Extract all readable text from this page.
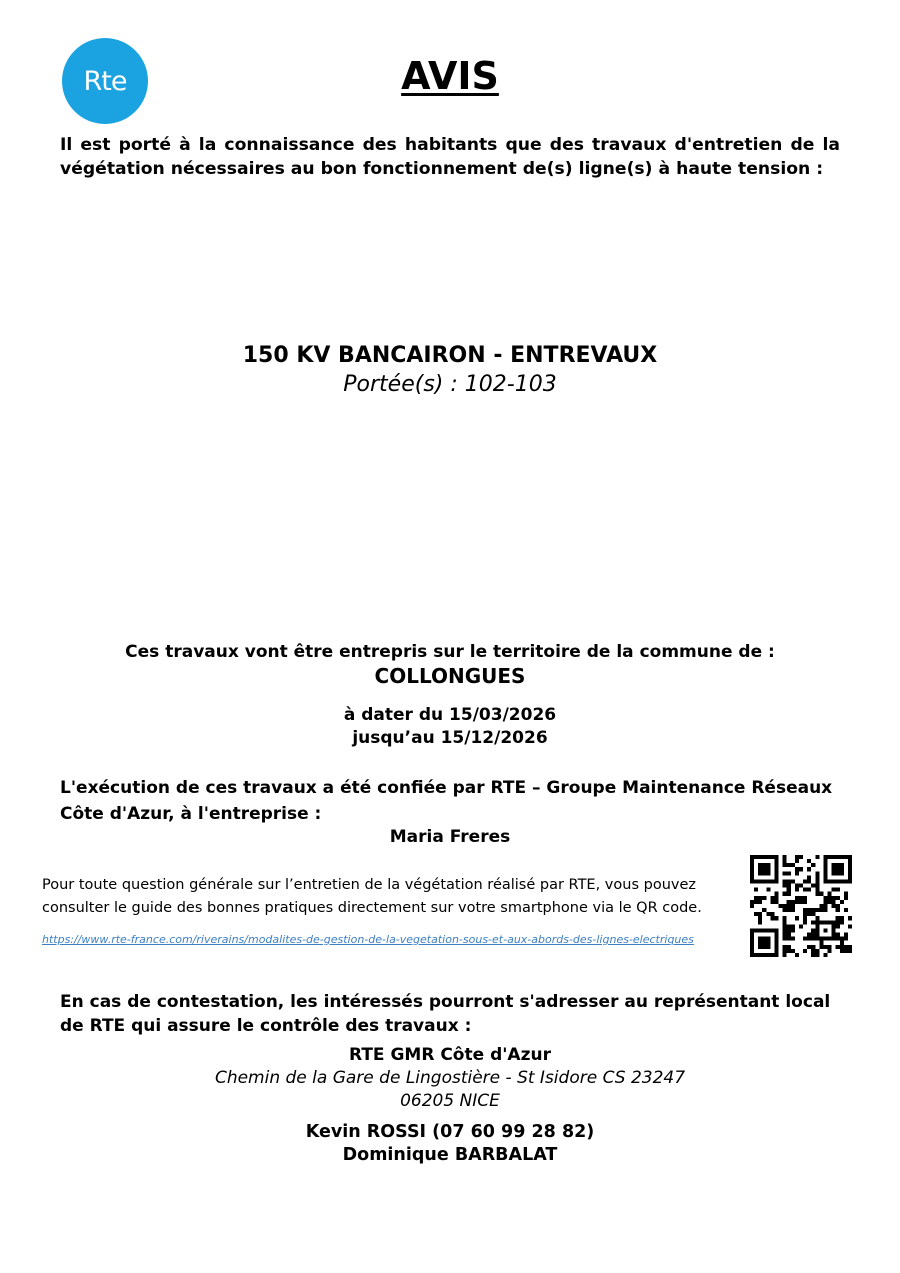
Rte	AVIS
Il est porté à la connaissance des habitants que des travaux d'entretien de la végétation nécessaires au bon fonctionnement de(s) ligne(s) à haute tension :
150 KV BANCAIRON - ENTREVAUX
Portée(s) : 102-103
Ces travaux vont être entrepris sur le territoire de la commune de :
COLLONGUES
à dater du 15/03/2026
jusqu’au 15/12/2026
L'exécution de ces travaux a été confiée par RTE – Groupe Maintenance Réseaux Côte d'Azur, à l'entreprise :
Maria Freres
Pour toute question générale sur l’entretien de la végétation réalisé par RTE, vous pouvez consulter le guide des bonnes pratiques directement sur votre smartphone via le QR code.
https://www.rte-france.com/riverains/modalites-de-gestion-de-la-vegetation-sous-et-aux-abords-des-lignes-electriques
En cas de contestation, les intéressés pourront s'adresser au représentant local de RTE qui assure le contrôle des travaux :
RTE GMR Côte d'Azur
Chemin de la Gare de Lingostière - St Isidore CS 23247
06205 NICE
Kevin ROSSI (07 60 99 28 82)
Dominique BARBALAT
